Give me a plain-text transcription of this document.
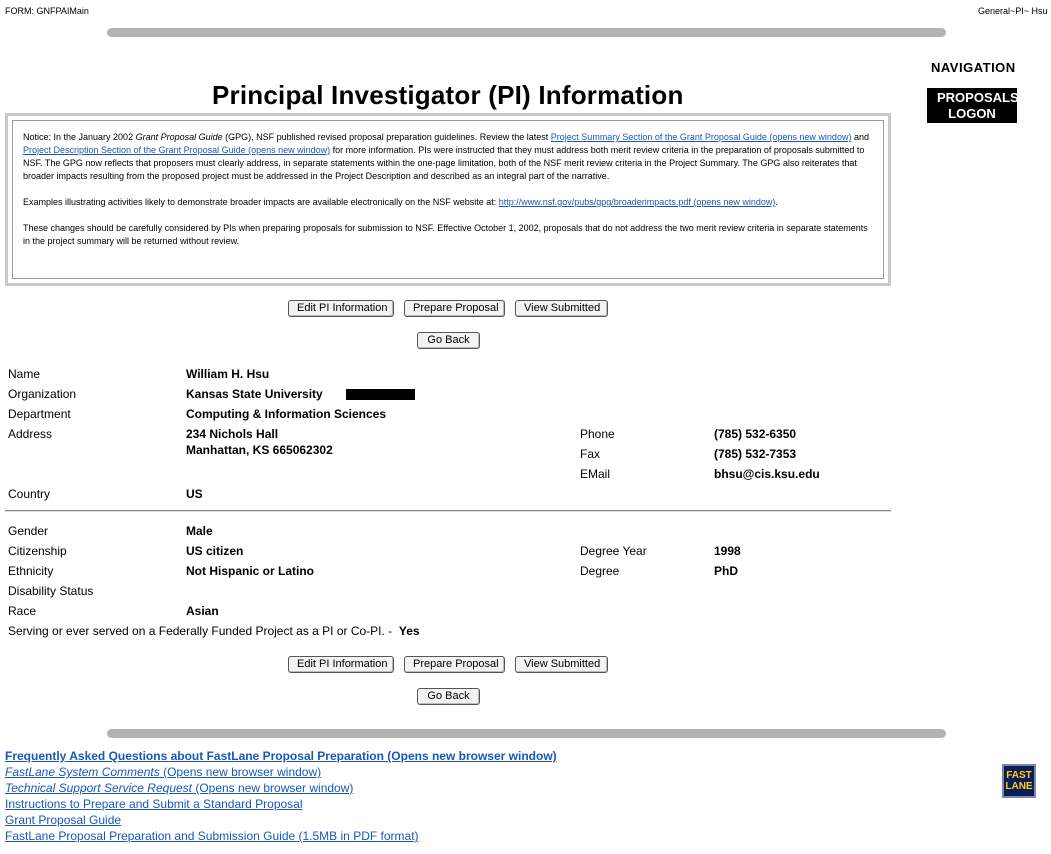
FORM: GNFPAIMain	General~PI~ Hsu
Principal Investigator (PI) Information
NAVIGATION
PROPOSALS LOGON

Notice: In the January 2002 Grant Proposal Guide (GPG), NSF published revised proposal preparation guidelines. Review the latest Project Summary Section of the Grant Proposal Guide (opens new window) and Project Description Section of the Grant Proposal Guide (opens new window) for more information. PIs were instructed that they must address both merit review criteria in the preparation of proposals submitted to NSF. The GPG now reflects that proposers must clearly address, in separate statements within the one-page limitation, both of the NSF merit review criteria in the Project Summary. The GPG also reiterates that broader impacts resulting from the proposed project must be addressed in the Project Description and described as an integral part of the narrative.

Examples illustrating activities likely to demonstrate broader impacts are available electronically on the NSF website at: http://www.nsf.gov/pubs/gpg/broaderimpacts.pdf (opens new window).

These changes should be carefully considered by PIs when preparing proposals for submission to NSF. Effective October 1, 2002, proposals that do not address the two merit review criteria in separate statements in the project summary will be returned without review.

Edit PI Information	Prepare Proposal	View Submitted
Go Back
Name	William H. Hsu
Organization	Kansas State University
Department	Computing & Information Sciences
Address	234 Nichols Hall
Manhattan, KS 665062302
Phone	(785) 532-6350
Fax	(785) 532-7353
EMail	bhsu@cis.ksu.edu
Country	US
Gender	Male
Citizenship	US citizen	Degree Year	1998
Ethnicity	Not Hispanic or Latino	Degree	PhD
Disability Status
Race	Asian
Serving or ever served on a Federally Funded Project as a PI or Co-PI. - Yes
Edit PI Information	Prepare Proposal	View Submitted
Go Back
Frequently Asked Questions about FastLane Proposal Preparation (Opens new browser window)
FastLane System Comments (Opens new browser window)
Technical Support Service Request (Opens new browser window)
Instructions to Prepare and Submit a Standard Proposal
Grant Proposal Guide
FastLane Proposal Preparation and Submission Guide (1.5MB in PDF format)
FAST
LANE
